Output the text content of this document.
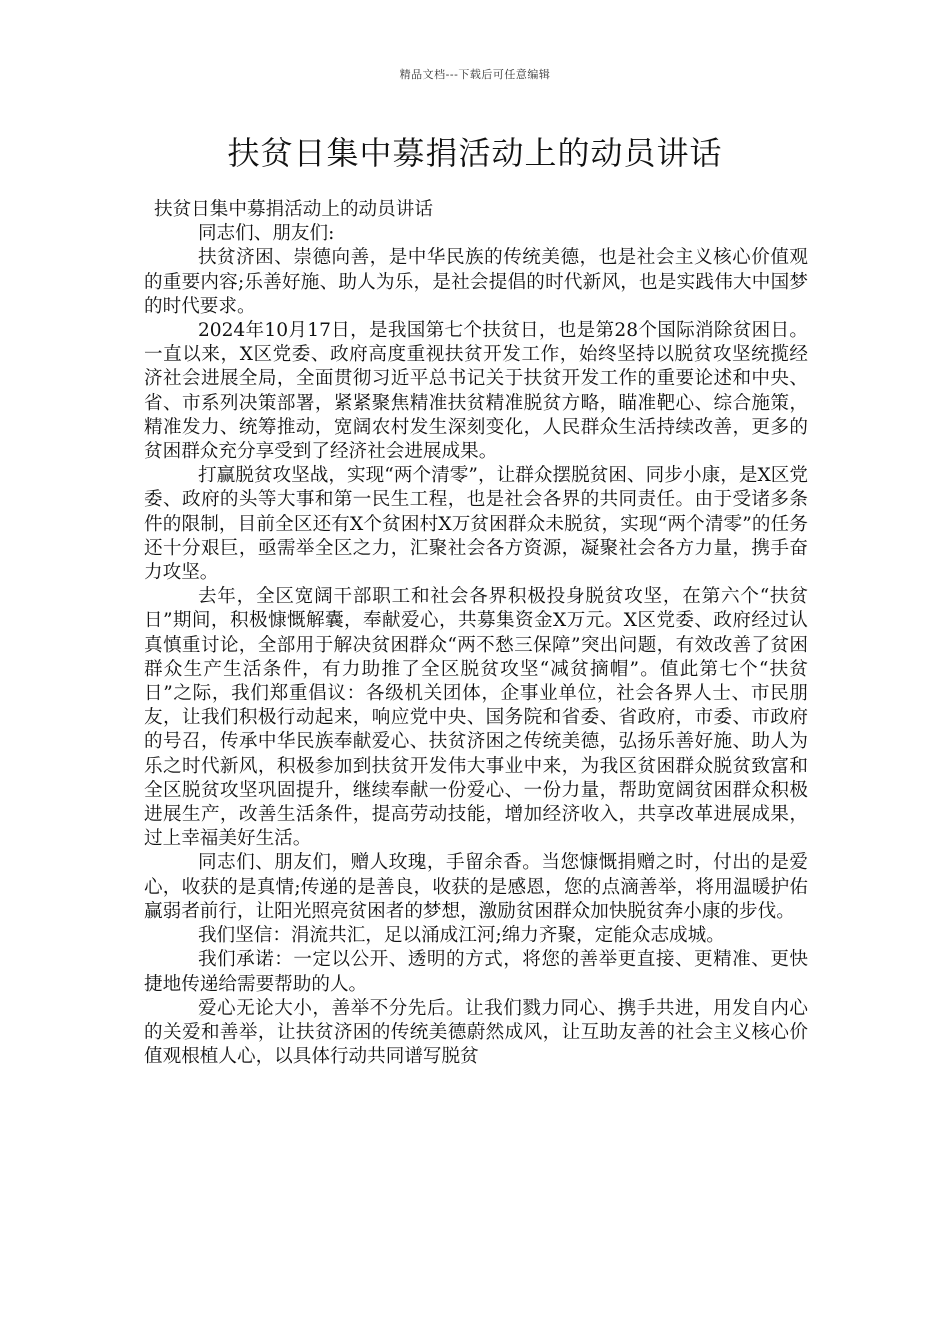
精品文档---下载后可任意编辑
扶贫日集中募捐活动上的动员讲话

扶贫日集中募捐活动上的动员讲话

同志们、朋友们:

扶贫济困、崇德向善，是中华民族的传统美德，也是社会主义核心价值观的重要内容;乐善好施、助人为乐，是社会提倡的时代新风，也是实践伟大中国梦的时代要求。

2024年10月17日，是我国第七个扶贫日，也是第28个国际消除贫困日。一直以来，X区党委、政府高度重视扶贫开发工作，始终坚持以脱贫攻坚统揽经济社会进展全局，全面贯彻习近平总书记关于扶贫开发工作的重要论述和中央、省、市系列决策部署，紧紧聚焦精准扶贫精准脱贫方略，瞄准靶心、综合施策，精准发力、统筹推动，宽阔农村发生深刻变化，人民群众生活持续改善，更多的贫困群众充分享受到了经济社会进展成果。

打赢脱贫攻坚战，实现“两个清零”，让群众摆脱贫困、同步小康，是X区党委、政府的头等大事和第一民生工程，也是社会各界的共同责任。由于受诸多条件的限制，目前全区还有X个贫困村X万贫困群众未脱贫，实现“两个清零”的任务还十分艰巨，亟需举全区之力，汇聚社会各方资源，凝聚社会各方力量，携手奋力攻坚。

去年，全区宽阔干部职工和社会各界积极投身脱贫攻坚，在第六个“扶贫日”期间，积极慷慨解囊，奉献爱心，共募集资金X万元。X区党委、政府经过认真慎重讨论，全部用于解决贫困群众“两不愁三保障”突出问题，有效改善了贫困群众生产生活条件，有力助推了全区脱贫攻坚“减贫摘帽”。值此第七个“扶贫日”之际，我们郑重倡议：各级机关团体，企事业单位，社会各界人士、市民朋友，让我们积极行动起来，响应党中央、国务院和省委、省政府，市委、市政府的号召，传承中华民族奉献爱心、扶贫济困之传统美德，弘扬乐善好施、助人为乐之时代新风，积极参加到扶贫开发伟大事业中来，为我区贫困群众脱贫致富和全区脱贫攻坚巩固提升，继续奉献一份爱心、一份力量，帮助宽阔贫困群众积极进展生产，改善生活条件，提高劳动技能，增加经济收入，共享改革进展成果，过上幸福美好生活。

同志们、朋友们，赠人玫瑰，手留余香。当您慷慨捐赠之时，付出的是爱心，收获的是真情;传递的是善良，收获的是感恩，您的点滴善举，将用温暖护佑赢弱者前行，让阳光照亮贫困者的梦想，激励贫困群众加快脱贫奔小康的步伐。

我们坚信：涓流共汇，足以涌成江河;绵力齐聚，定能众志成城。

我们承诺：一定以公开、透明的方式，将您的善举更直接、更精准、更快捷地传递给需要帮助的人。

爱心无论大小，善举不分先后。让我们戮力同心、携手共进，用发自内心的关爱和善举，让扶贫济困的传统美德蔚然成风，让互助友善的社会主义核心价值观根植人心，以具体行动共同谱写脱贫
